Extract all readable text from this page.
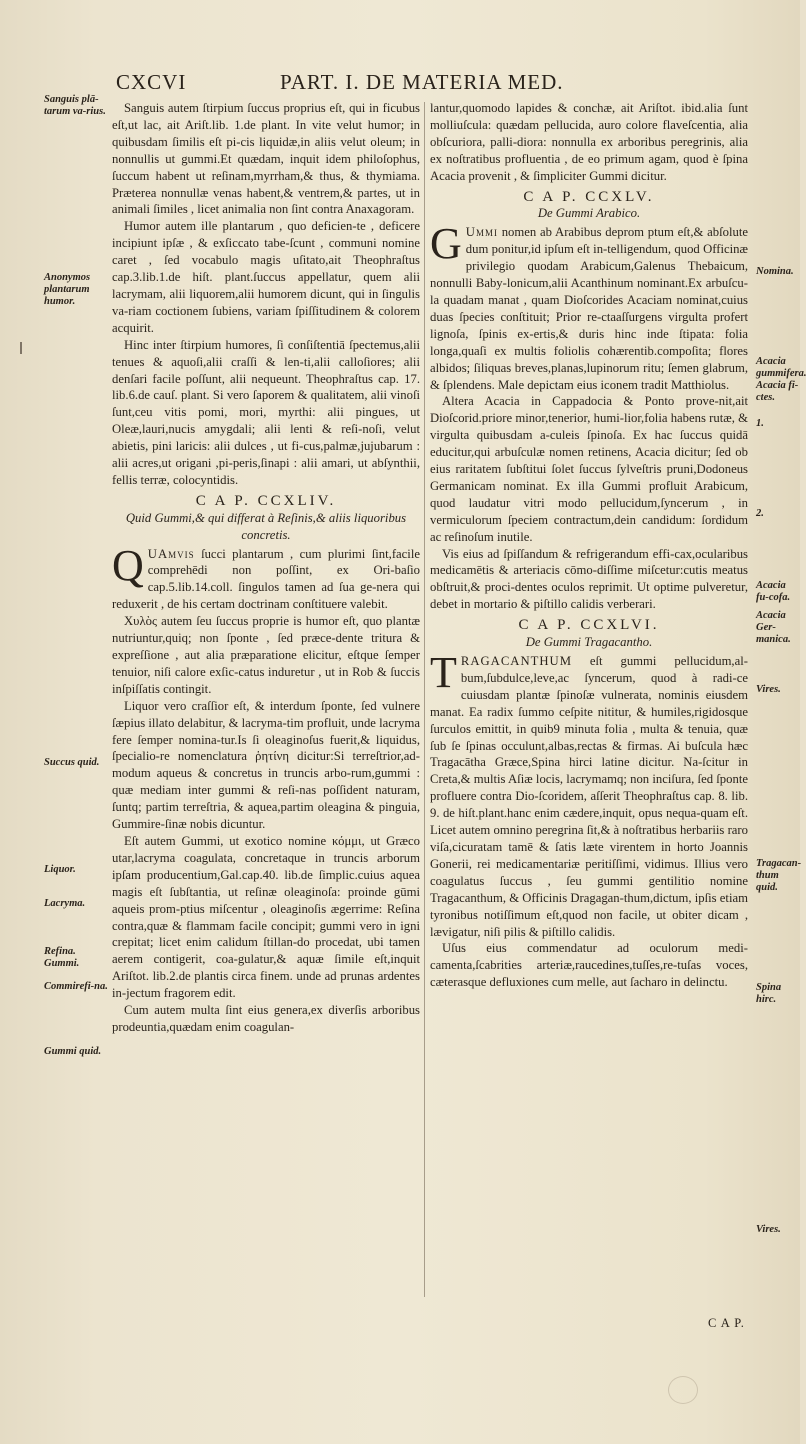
CXCVI	PART. I. DE MATERIA MED.
Sanguis plā-tarum va-rius.
Anonymos plantarum humor.
Succus quid.
Liquor.
Lacryma.
Refina. Gummi.
Commirefi-na.
Gummi quid.
Nomina.
Acacia gummifera. Acacia fi-ctes.
1.
2.
Acacia fu-cofa.
Acacia Ger-manica.
Vires.
Tragacan-thum quid.
Spina hirc.
Vires.

Sanguis autem ſtirpium ſuccus proprius eſt, qui in ficubus eſt,ut lac, ait Ariſt.lib. 1.de plant. In vite velut humor; in quibusdam ſimilis eſt pi-cis liquidæ,in aliis velut oleum; in nonnullis ut gummi.Et quædam, inquit idem philoſophus, ſuccum habent ut reſinam,myrrham,& thus, & thymiama. Præterea nonnullæ venas habent,& ventrem,& partes, ut in animali ſimiles , licet animalia non ſint contra Anaxagoram.

Humor autem ille plantarum , quo deficien-te , deficere incipiunt ipſæ , & exſiccato tabe-ſcunt , communi nomine caret , ſed vocabulo magis uſitato,ait Theophraſtus cap.3.lib.1.de hiſt. plant.ſuccus appellatur, quem alii lacrymam, alii liquorem,alii humorem dicunt, qui in ſingulis va-riam coctionem ſubiens, variam ſpiſſitudinem & colorem acquirit.

Hinc inter ſtirpium humores, ſi conſiſtentiā ſpectemus,alii tenues & aquoſi,alii craſſi & len-ti,alii calloſiores; alii denſari facile poſſunt, alii nequeunt. Theophraſtus cap. 17. lib.6.de cauſ. plant. Si vero ſaporem & qualitatem, alii vinoſi ſunt,ceu vitis pomi, mori, myrthi: alii pingues, ut Oleæ,lauri,nucis amygdali; alii lenti & reſi-noſi, velut abietis, pini laricis: alii dulces , ut fi-cus,palmæ,jujubarum : alii acres,ut origani ,pi-peris,ſinapi : alii amari, ut abſynthii, fellis terræ, colocyntidis.

C A P. CCXLIV.
Quid Gummi,& qui differat à Reſinis,& aliis liquoribus concretis.

Q UAmvis ſucci plantarum , cum plurimi ſint,facile comprehēdi non poſſint, ex Ori-baſio cap.5.lib.14.coll. ſingulos tamen ad ſua ge-nera qui reduxerit , de his certam doctrinam conſtituere valebit.

Χυλὸς autem ſeu ſuccus proprie is humor eſt, quo plantæ nutriuntur,quiq; non ſponte , ſed præce-dente tritura & expreſſione , aut alia præparatione elicitur, eſtque ſemper tenuior, niſi calore exſic-catus induretur , ut in Rob & ſuccis inſpiſſatis contingit.

Liquor vero craſſior eſt, & interdum ſponte, ſed vulnere ſæpius illato delabitur, & lacryma-tim profluit, unde lacryma fere ſemper nomina-tur.Is ſi oleaginoſus fuerit,& liquidus, ſpecialio-re nomenclatura ῥητίνη dicitur:Si terreſtrior,ad-modum aqueus & concretus in truncis arbo-rum,gummi : quæ mediam inter gummi & reſi-nas poſſident naturam, ſuntq; partim terreſtria, & aquea,partim oleagina & pinguia, Gummire-ſinæ nobis dicuntur.

Eſt autem Gummi, ut exotico nomine κόμμι, ut Græco utar,lacryma coagulata, concretaque in truncis arborum ipſam producentium,Gal.cap.40. lib.de ſimplic.cuius aquea magis eſt ſubſtantia, ut reſinæ oleaginoſa: proinde gūmi aqueis prom-ptius miſcentur , oleaginoſis ægerrime: Reſina contra,quæ & flammam facile concipit; gummi vero in igni crepitat; licet enim calidum ſtillan-do procedat, ubi tamen aerem contigerit, coa-gulatur,& aquæ ſimile eſt,inquit Ariſtot. lib.2.de plantis circa finem. unde ad prunas ardentes in-jectum fragorem edit.

Cum autem multa ſint eius genera,ex diverſis arboribus prodeuntia,quædam enim coagulan-

lantur,quomodo lapides & conchæ, ait Ariſtot. ibid.alia ſunt molliuſcula: quædam pellucida, auro colore flaveſcentia, alia obſcuriora, palli-diora: nonnulla ex arboribus peregrinis, alia ex noſtratibus profluentia , de eo primum agam, quod è ſpina Acacia provenit , & ſimpliciter Gummi dicitur.

C A P. CCXLV.
De Gummi Arabico.

G Ummi nomen ab Arabibus deprom ptum eſt,& abſolute dum ponitur,id ipſum eſt in-telligendum, quod Officinæ privilegio quodam Arabicum,Galenus Thebaicum, nonnulli Baby-lonicum,alii Acanthinum nominant.Ex arbuſcu-la quadam manat , quam Dioſcorides Acaciam nominat,cuius duas ſpecies conſtituit; Prior re-ctaaſſurgens virgulta profert lignoſa, ſpinis ex-ertis,& duris hinc inde ſtipata: folia longa,quaſi ex multis foliolis cohærentib.compoſita; flores albidos; ſiliquas breves,planas,lupinorum ritu; ſemen glabrum, & ſplendens. Male depictam eius iconem tradit Matthiolus.

Altera Acacia in Cappadocia & Ponto prove-nit,ait Dioſcorid.priore minor,tenerior, humi-lior,folia habens rutæ, & virgulta quibusdam a-culeis ſpinoſa. Ex hac ſuccus quidā educitur,qui arbuſculæ nomen retinens, Acacia dicitur; ſed ob eius raritatem ſubſtitui ſolet ſuccus ſylveſtris pruni,Dodoneus Germanicam nominat. Ex illa Gummi profluit Arabicum, quod laudatur vitri modo pellucidum,ſyncerum , in vermiculorum ſpeciem contractum,dein candidum: ſordidum ac reſinoſum inutile.

Vis eius ad ſpiſſandum & refrigerandum effi-cax,ocularibus medicamētis & arteriacis cōmo-diſſime miſcetur:cutis meatus obſtruit,& proci-dentes oculos reprimit. Ut optime pulveretur, debet in mortario & piſtillo calidis verberari.

C A P. CCXLVI.
De Gummi Tragacantho.

TRAGACANTHUM eſt gummi pellucidum,al-bum,ſubdulce,leve,ac ſyncerum, quod à radi-ce cuiusdam plantæ ſpinoſæ vulnerata, nominis eiusdem manat. Ea radix ſummo ceſpite nititur, & humiles,rigidosque ſurculos emittit, in quib9 minuta folia , multa & tenuia, quæ ſub ſe ſpinas occulunt,albas,rectas & firmas. Ai buſcula hæc Tragacātha Græce,Spina hirci latine dicitur. Na-ſcitur in Creta,& multis Aſiæ locis, lacrymamq; non inciſura, ſed ſponte profluere contra Dio-ſcoridem, aſſerit Theophraſtus cap. 8. lib. 9. de hiſt.plant.hanc enim cædere,inquit, opus nequa-quam eſt. Licet autem omnino peregrina ſit,& à noſtratibus herbariis raro viſa,cicuratam tamē & ſatis læte virentem in horto Joannis Gonerii, rei medicamentariæ peritiſſimi, vidimus. Illius vero coagulatus ſuccus , ſeu gummi gentilitio nomine Tragacanthum, & Officinis Dragagan-thum,dictum, ipſis etiam tyronibus notiſſimum eſt,quod non facile, ut obiter dicam , lævigatur, niſi pilis & piſtillo calidis.

Uſus eius commendatur ad oculorum medi-camenta,ſcabrities arteriæ,raucedines,tuſſes,re-tuſas voces, cæterasque defluxiones cum melle, aut ſacharo in delinctu.

C A P.
